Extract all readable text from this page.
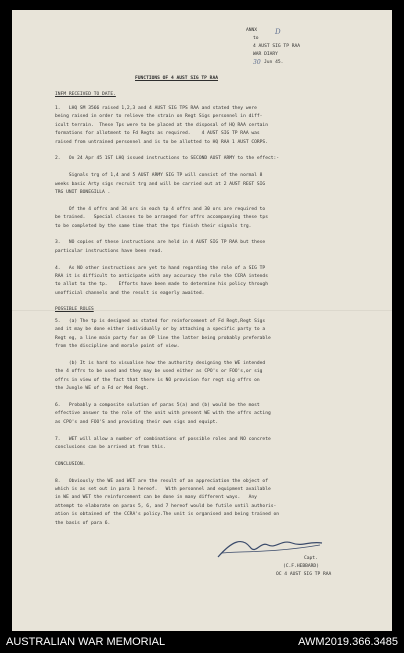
D
ANNX
to
4 AUST SIG TP RAA
WAR DIARY
30 Jun 45.
FUNCTIONS OF 4 AUST SIG TP RAA
INFM RECEIVED TO DATE.
1.   LHQ SM 3566 raised 1,2,3 and 4 AUST SIG TPS RAA and stated they were
being raised in order to relieve the strain on Regt Sigs personnel in diff-
icult terrain.  These Tps were to be placed at the disposal of HQ RAA certain
formations for allotment to Fd Regts as required.    4 AUST SIG TP RAA was
raised from untrained personnel and is to be allotted to HQ RAA 1 AUST CORPS.
2.   On 24 Apr 45 1ST LHQ issued instructions to SECOND AUST ARMY to the effect:-
Signals trg of 1,4 and 5 AUST ARMY SIG TP will consist of the normal 8
weeks basic Arty sigs recruit trg and will be carried out at 2 AUST REGT SIG
TRG UNIT BONEGILLA .
Of the 4 offrs and 34 ors in each tp 4 offrs and 30 ors are required to
be trained.   Special classes to be arranged for offrs accompanying these tps
to be completed by the same time that the tps finish their signals trg.
3.   NO copies of these instructions are held in 4 AUST SIG TP RAA but these
particular instructions have been read.
4.   As NO other instructions are yet to hand regarding the role of a SIG TP
RAA it is difficult to anticipate with any accuracy the role the CCRA intends
to allot to the tp.    Efforts have been made to determine his policy through
unofficial channels and the result is eagerly awaited.
POSSIBLE ROLES
5.   (a) The tp is designed as stated for reinforcement of Fd Regt,Regt Sigs
and it may be done either individually or by attaching a specific party to a
Regt eg, a line main party for an OP line the latter being probably preferable
from the discipline and morale point of view.
(b) It is hard to visualise how the authority designing the WE intended
the 4 offrs to be used and they may be used either as CPO's or FOO's,or sig
offrs in view of the fact that there is NO provision for regt sig offrs on
the Jungle WE of a Fd or Med Regt.
6.   Probably a composite solution of paras 5(a) and (b) would be the most
effective answer to the role of the unit with present WE with the offrs acting
as CPO's and FOO'S and providing their own sigs and equipt.
7.   WET will allow a number of combinations of possible roles and NO concrete
conclusions can be arrived at from this.
CONCLUSION.
8.   Obviously the WE and WET are the result of an appreciation the object of
which is as set out in para 1 hereof.   With personnel and equipment available
in WE and WET the reinforcement can be done in many different ways.   Any
attempt to elaborate on paras 5, 6, and 7 hereof would be futile until authoris-
ation is obtained of the CCRA's policy.The unit is organised and being trained on
the basis of para 6.
Capt.
(C.F.HEBBARD)
OC 4 AUST SIG TP RAA
AUSTRALIAN WAR MEMORIAL	AWM2019.366.3485
